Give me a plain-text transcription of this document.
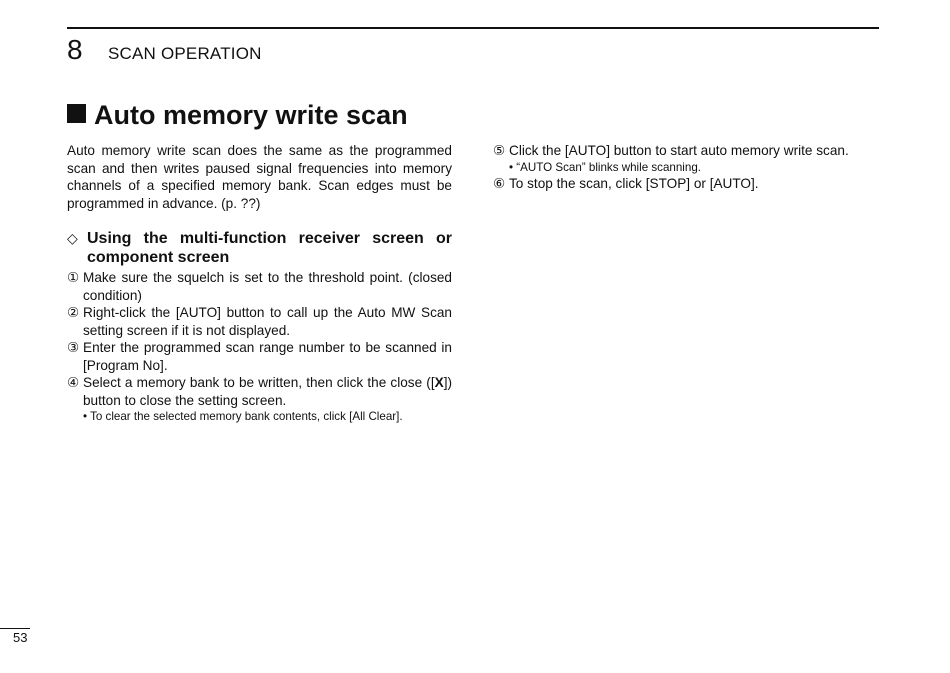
8 SCAN OPERATION
Auto memory write scan

Auto memory write scan does the same as the programmed scan and then writes paused signal frequencies into memory channels of a specified memory bank. Scan edges must be programmed in advance. (p. ??)

◇ Using the multi-function receiver screen or component screen
① Make sure the squelch is set to the threshold point. (closed condition)
② Right-click the [AUTO] button to call up the Auto MW Scan setting screen if it is not displayed.
③ Enter the programmed scan range number to be scanned in [Program No].
④ Select a memory bank to be written, then click the close ([X]) button to close the setting screen.
• To clear the selected memory bank contents, click [All Clear].
⑤ Click the [AUTO] button to start auto memory write scan.
• “AUTO Scan” blinks while scanning.
⑥ To stop the scan, click [STOP] or [AUTO].
53
